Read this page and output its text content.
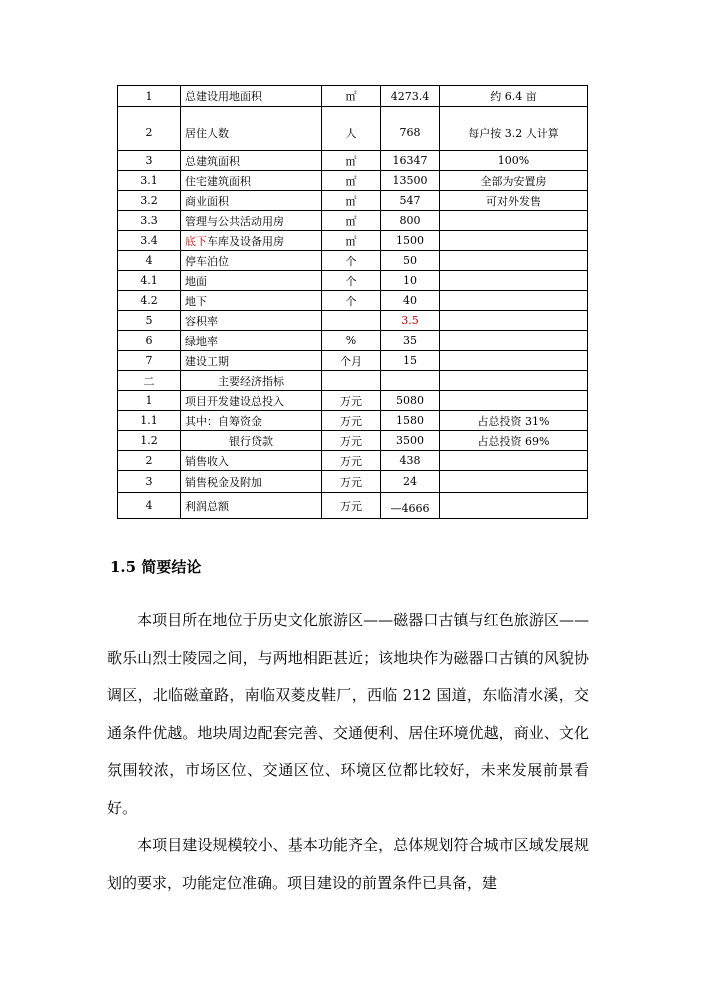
1	总建设用地面积	㎡	4273.4	约 6.4 亩
2	居住人数	人	768	每户按 3.2 人计算
3	总建筑面积	㎡	16347	100%
3.1	住宅建筑面积	㎡	13500	全部为安置房
3.2	商业面积	㎡	547	可对外发售
3.3	管理与公共活动用房	㎡	800	
3.4	底下车库及设备用房	㎡	1500	
4	停车泊位	个	50	
4.1	地面	个	10	
4.2	地下	个	40	
5	容积率		3.5	
6	绿地率	%	35	
7	建设工期	个月	15	
二	主要经济指标			
1	项目开发建设总投入	万元	5080	
1.1	其中：自筹资金	万元	1580	占总投资 31%
1.2	银行贷款	万元	3500	占总投资 69%
2	销售收入	万元	438	
3	销售税金及附加	万元	24	
4	利润总额	万元	—4666	
1.5 简要结论

本项目所在地位于历史文化旅游区——磁器口古镇与红色旅游区——歌乐山烈士陵园之间，与两地相距甚近；该地块作为磁器口古镇的风貌协调区，北临磁童路，南临双菱皮鞋厂，西临 212 国道，东临清水溪，交通条件优越。地块周边配套完善、交通便利、居住环境优越，商业、文化氛围较浓，市场区位、交通区位、环境区位都比较好，未来发展前景看好。

本项目建设规模较小、基本功能齐全，总体规划符合城市区域发展规划的要求，功能定位准确。项目建设的前置条件已具备，建
